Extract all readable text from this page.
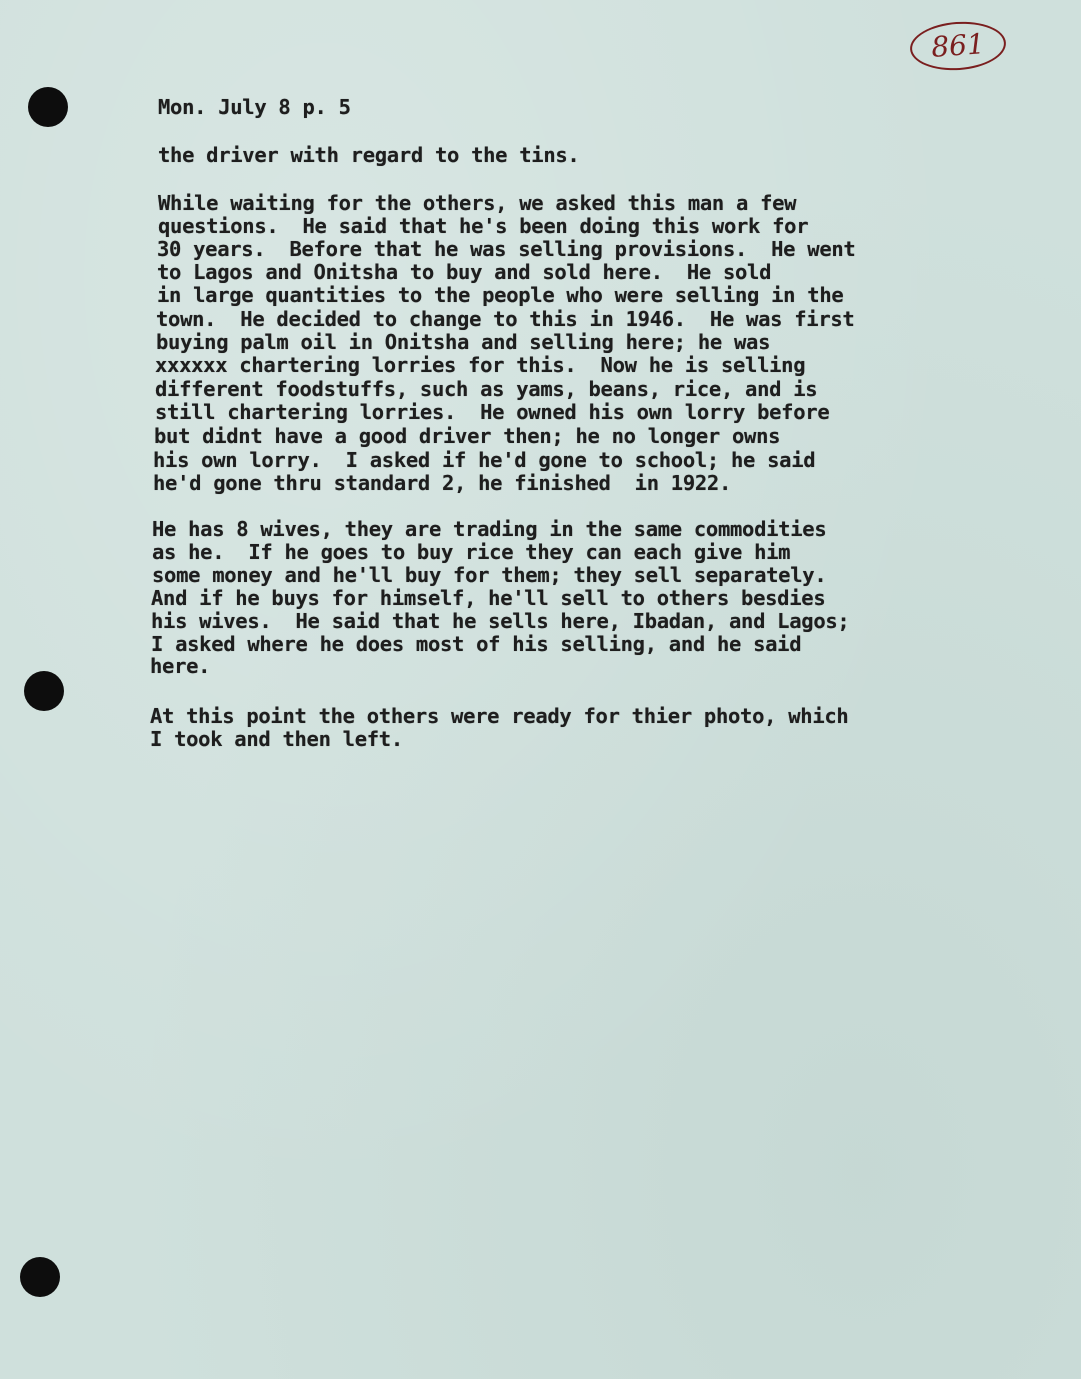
861
Mon. July 8 p. 5
the driver with regard to the tins.
While waiting for the others, we asked this man a few
questions.  He said that he's been doing this work for
30 years.  Before that he was selling provisions.  He went
to Lagos and Onitsha to buy and sold here.  He sold
in large quantities to the people who were selling in the
town.  He decided to change to this in 1946.  He was first
buying palm oil in Onitsha and selling here; he was
xxxxxx chartering lorries for this.  Now he is selling
different foodstuffs, such as yams, beans, rice, and is
still chartering lorries.  He owned his own lorry before
but didnt have a good driver then; he no longer owns
his own lorry.  I asked if he'd gone to school; he said
he'd gone thru standard 2, he finished  in 1922.
He has 8 wives, they are trading in the same commodities
as he.  If he goes to buy rice they can each give him
some money and he'll buy for them; they sell separately.
And if he buys for himself, he'll sell to others besdies
his wives.  He said that he sells here, Ibadan, and Lagos;
I asked where he does most of his selling, and he said
here.
At this point the others were ready for thier photo, which
I took and then left.
